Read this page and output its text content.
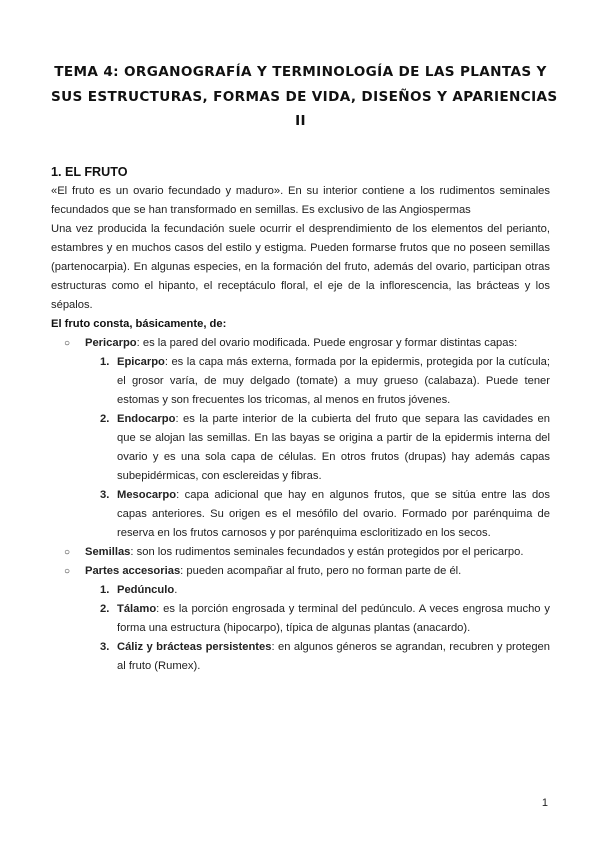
TEMA 4: ORGANOGRAFÍA Y TERMINOLOGÍA DE LAS PLANTAS Y
SUS ESTRUCTURAS, FORMAS DE VIDA, DISEÑOS Y APARIENCIAS
II
1. EL FRUTO

«El fruto es un ovario fecundado y maduro». En su interior contiene a los rudimentos seminales fecundados que se han transformado en semillas. Es exclusivo de las Angiospermas

Una vez producida la fecundación suele ocurrir el desprendimiento de los elementos del perianto, estambres y en muchos casos del estilo y estigma. Pueden formarse frutos que no poseen semillas (partenocarpia). En algunas especies, en la formación del fruto, además del ovario, participan otras estructuras como el hipanto, el receptáculo floral, el eje de la inflorescencia, las brácteas y los sépalos.

El fruto consta, básicamente, de:

○ Pericarpo: es la pared del ovario modificada. Puede engrosar y formar distintas capas:
1. Epicarpo: es la capa más externa, formada por la epidermis, protegida por la cutícula; el grosor varía, de muy delgado (tomate) a muy grueso (calabaza). Puede tener estomas y son frecuentes los tricomas, al menos en frutos jóvenes.
2. Endocarpo: es la parte interior de la cubierta del fruto que separa las cavidades en que se alojan las semillas. En las bayas se origina a partir de la epidermis interna del ovario y es una sola capa de células. En otros frutos (drupas) hay además capas subepidérmicas, con esclereidas y fibras.
3. Mesocarpo: capa adicional que hay en algunos frutos, que se sitúa entre las dos capas anteriores. Su origen es el mesófilo del ovario. Formado por parénquima de reserva en los frutos carnosos y por parénquima escloritizado en los secos.
○ Semillas: son los rudimentos seminales fecundados y están protegidos por el pericarpo.
○ Partes accesorias: pueden acompañar al fruto, pero no forman parte de él.
1. Pedúnculo.
2. Tálamo: es la porción engrosada y terminal del pedúnculo. A veces engrosa mucho y forma una estructura (hipocarpo), típica de algunas plantas (anacardo).
3. Cáliz y brácteas persistentes: en algunos géneros se agrandan, recubren y protegen al fruto (Rumex).
1
